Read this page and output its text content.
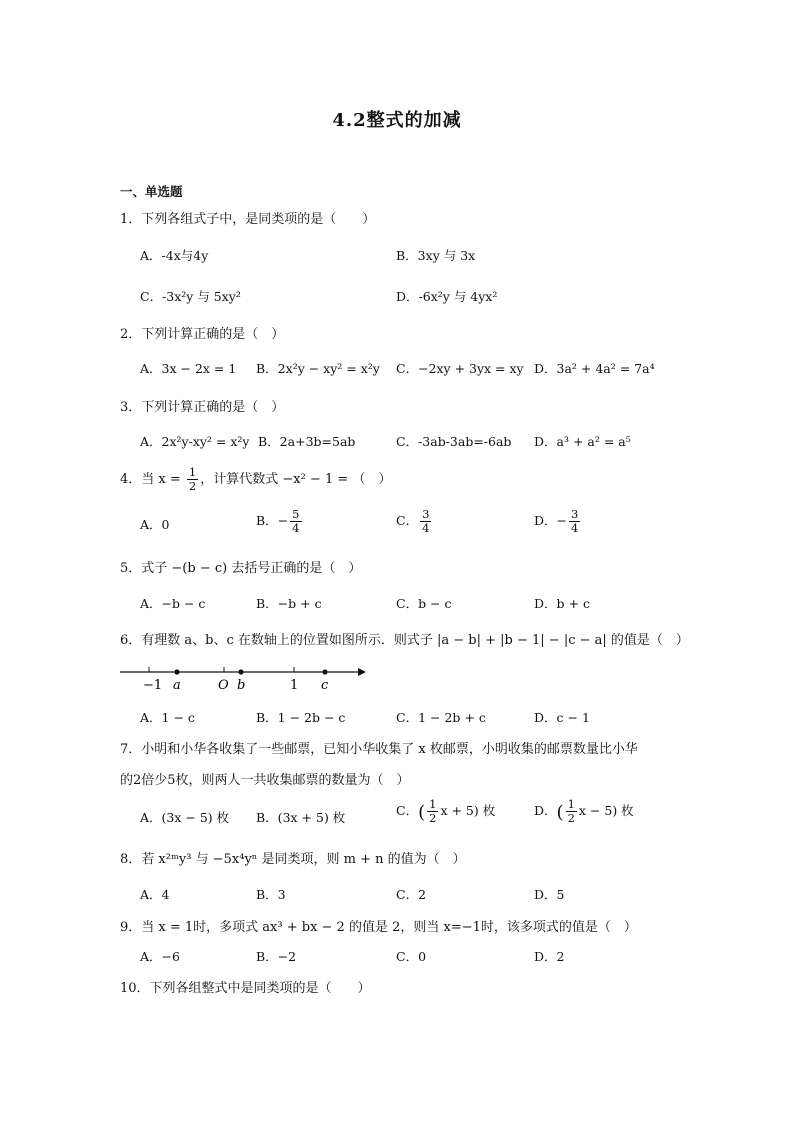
4.2整式的加减
一、单选题
1．下列各组式子中，是同类项的是（　　）
A．-4x与4y	B．3xy 与 3x
C．-3x²y 与 5xy²	D．-6x²y 与 4yx²
2．下列计算正确的是（　）
A．3x − 2x = 1 B．2x²y − xy² = x²y C．−2xy + 3yx = xy D．3a² + 4a² = 7a⁴
3．下列计算正确的是（　）
A．2x²y-xy² = x²y B．2a+3b=5ab	C．-3ab-3ab=-6ab D．a³ + a² = a⁵
4．当 $x = \frac{1}{2}$ ，计算代数式 −x² − 1 = （　）
A．0	B．− $\frac{5}{4}$	C． $\frac{3}{4}$	D．− $\frac{3}{4}$
5．式子 −(b − c) 去括号正确的是（　）
A．−b − c	B．−b + c	C．b − c	D．b + c
6．有理数 a、b、c 在数轴上的位置如图所示．则式子 |a − b| + |b − 1| − |c − a| 的值是（　）
−1 a	O b	1 c
A．1 − c	B．1 − 2b − c	C．1 − 2b + c	D．c − 1
7．小明和小华各收集了一些邮票，已知小华收集了 x 枚邮票，小明收集的邮票数量比小华
的2倍少5枚，则两人一共收集邮票的数量为（　）
A．(3x − 5) 枚 B．(3x + 5) 枚	C．( $\frac{1}{2}$ x + 5) 枚	D．( $\frac{1}{2}$ x − 5) 枚
8．若 x²ᵐy³ 与 −5x⁴yⁿ 是同类项，则 m + n 的值为（　）
A．4	B．3	C．2	D．5
9．当 x = 1时，多项式 ax³ + bx − 2 的值是 2，则当 x=−1时，该多项式的值是（　）
A．−6	B．−2	C．0	D．2
10．下列各组整式中是同类项的是（　　）
